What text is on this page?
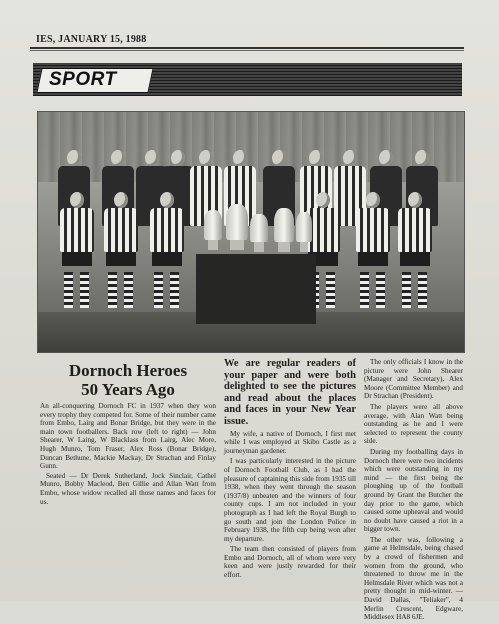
IES, JANUARY 15, 1988
SPORT
Dornoch Heroes
50 Years Ago

An all-conquering Dornoch FC in 1937 when they won every trophy they competed for. Some of their number came from Embo, Lairg and Bonar Bridge, but they were in the main town footballers. Back row (left to right) — John Shearer, W Laing, W Blacklass from Lairg, Alec More, Hugh Munro, Tom Fraser, Alex Ross (Bonar Bridge), Duncan Bethune, Mackie Mackay, Dr Strachan and Finlay Gunn.

Seated — Dr Derek Sutherland, Jock Sinclair, Cathel Munro, Bobby Macleod, Ben Gillie and Allan Watt from Embo, whose widow recalled all those names and faces for us.

We are regular readers of your paper and were both delighted to see the pictures and read about the places and faces in your New Year issue.

My wife, a native of Dornoch, I first met while I was employed at Skibo Castle as a journeyman gardener.

I was particularly interested in the picture of Dornoch Football Club, as I had the pleasure of captaining this side from 1935 till 1938, when they went through the season (1937/8) unbeaten and the winners of four county cups. I am not included in your photograph as I had left the Royal Burgh to go south and join the London Police in February 1938, the fifth cup being won after my departure.

The team then consisted of players from Embo and Dornoch, all of whom were very keen and were justly rewarded for their effort.

The only officials I know in the picture were John Shearer (Manager and Secretary), Alex Moore (Committee Member) and Dr Strachan (President).

The players were all above average, with Alan Watt being outstanding as he and I were selected to represent the county side.

During my footballing days in Dornoch there were two incidents which were outstanding in my mind — the first being the ploughing up of the football ground by Grant the Butcher the day prior to the game, which caused some upheaval and would no doubt have caused a riot in a bigger town.

The other was, following a game at Helmsdale, being chased by a crowd of fishermen and women from the ground, who threatened to throw me in the Helmsdale River which was not a pretty thought in mid-winter. — David Dallas, "Teliaker", 4 Merlin Crescent, Edgware, Middlesex HA8 6JE.
